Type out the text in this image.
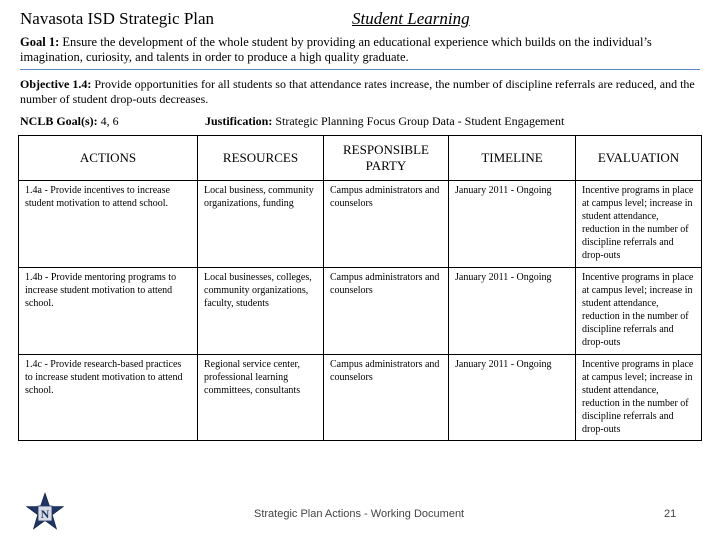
Navasota ISD Strategic Plan	Student Learning
Goal 1: Ensure the development of the whole student by providing an educational experience which builds on the individual’s imagination, curiosity, and talents in order to produce a high quality graduate.
Objective 1.4: Provide opportunities for all students so that attendance rates increase, the number of discipline referrals are reduced, and the number of student drop-outs decreases.
NCLB Goal(s): 4, 6	Justification: Strategic Planning Focus Group Data - Student Engagement
ACTIONS	RESOURCES	RESPONSIBLE PARTY	TIMELINE	EVALUATION
1.4a - Provide incentives to increase student motivation to attend school.	Local business, community organizations, funding	Campus administrators and counselors	January 2011 - Ongoing	Incentive programs in place at campus level; increase in student attendance, reduction in the number of discipline referrals and drop-outs
1.4b - Provide mentoring programs to increase student motivation to attend school.	Local businesses, colleges, community organizations, faculty, students	Campus administrators and counselors	January 2011 - Ongoing	Incentive programs in place at campus level; increase in student attendance, reduction in the number of discipline referrals and drop-outs
1.4c - Provide research-based practices to increase student motivation to attend school.	Regional service center, professional learning committees, consultants	Campus administrators and counselors	January 2011 - Ongoing	Incentive programs in place at campus level; increase in student attendance, reduction in the number of discipline referrals and drop-outs
N	Strategic Plan Actions - Working Document	21
